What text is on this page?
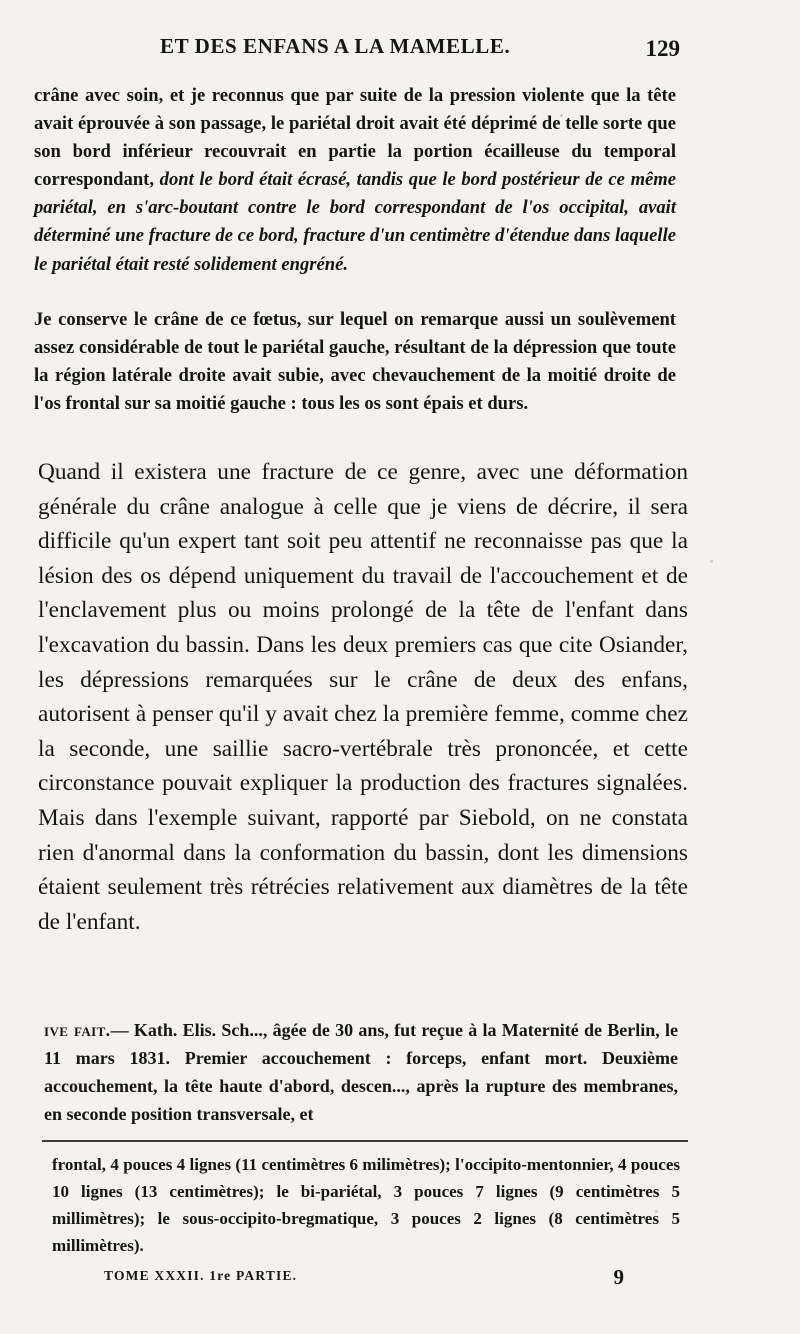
ET DES ENFANS A LA MAMELLE.	129
crâne avec soin, et je reconnus que par suite de la pression violente que la tête avait éprouvée à son passage, le pariétal droit avait été déprimé de telle sorte que son bord inférieur recouvrait en partie la portion écailleuse du temporal correspondant, dont le bord était écrasé, tandis que le bord postérieur de ce même pariétal, en s'arc-boutant contre le bord correspondant de l'os occipital, avait déterminé une fracture de ce bord, fracture d'un centimètre d'étendue dans laquelle le pariétal était resté solidement engréné.
Je conserve le crâne de ce fœtus, sur lequel on remarque aussi un soulèvement assez considérable de tout le pariétal gauche, résultant de la dépression que toute la région latérale droite avait subie, avec chevauchement de la moitié droite de l'os frontal sur sa moitié gauche : tous les os sont épais et durs.
Quand il existera une fracture de ce genre, avec une déformation générale du crâne analogue à celle que je viens de décrire, il sera difficile qu'un expert tant soit peu attentif ne reconnaisse pas que la lésion des os dépend uniquement du travail de l'accouchement et de l'enclavement plus ou moins prolongé de la tête de l'enfant dans l'excavation du bassin. Dans les deux premiers cas que cite Osiander, les dépressions remarquées sur le crâne de deux des enfans, autorisent à penser qu'il y avait chez la première femme, comme chez la seconde, une saillie sacro-vertébrale très prononcée, et cette circonstance pouvait expliquer la production des fractures signalées. Mais dans l'exemple suivant, rapporté par Siebold, on ne constata rien d'anormal dans la conformation du bassin, dont les dimensions étaient seulement très rétrécies relativement aux diamètres de la tête de l'enfant.
ive fait.— Kath. Elis. Sch..., âgée de 30 ans, fut reçue à la Maternité de Berlin, le 11 mars 1831. Premier accouchement : forceps, enfant mort. Deuxième accouchement, la tête haute d'abord, descen..., après la rupture des membranes, en seconde position transversale, et
frontal, 4 pouces 4 lignes (11 centimètres 6 milimètres); l'occipito-mentonnier, 4 pouces 10 lignes (13 centimètres); le bi-pariétal, 3 pouces 7 lignes (9 centimètres 5 millimètres); le sous-occipito-bregmatique, 3 pouces 2 lignes (8 centimètres 5 millimètres).
TOME XXXII. 1re PARTIE.	9
